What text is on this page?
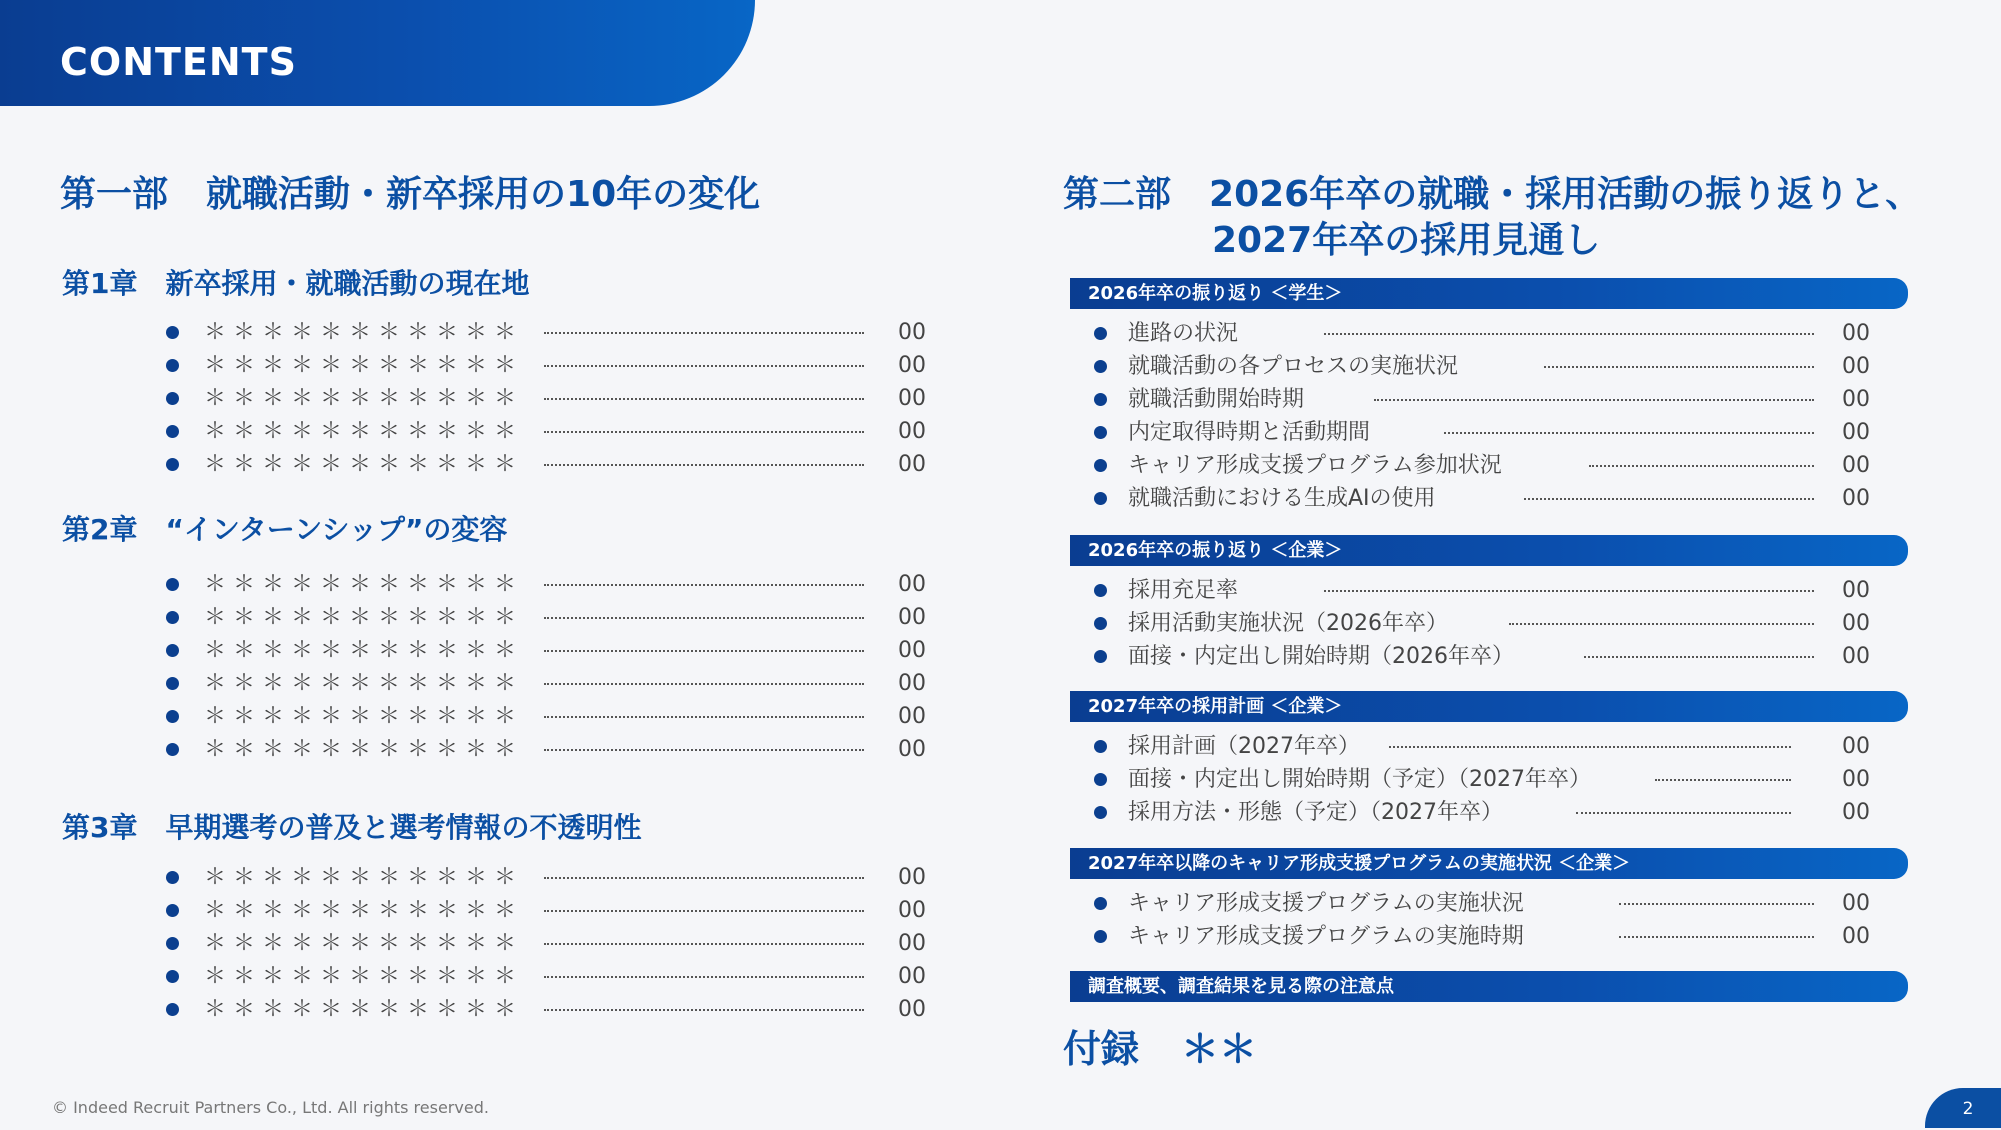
CONTENTS
第一部 就職活動・新卒採用の10年の変化
第1章 新卒採用・就職活動の現在地
＊＊＊＊＊＊＊＊＊＊＊	00
＊＊＊＊＊＊＊＊＊＊＊	00
＊＊＊＊＊＊＊＊＊＊＊	00
＊＊＊＊＊＊＊＊＊＊＊	00
＊＊＊＊＊＊＊＊＊＊＊	00
第2章 “インターンシップ”の変容
＊＊＊＊＊＊＊＊＊＊＊	00
＊＊＊＊＊＊＊＊＊＊＊	00
＊＊＊＊＊＊＊＊＊＊＊	00
＊＊＊＊＊＊＊＊＊＊＊	00
＊＊＊＊＊＊＊＊＊＊＊	00
＊＊＊＊＊＊＊＊＊＊＊	00
第3章 早期選考の普及と選考情報の不透明性
＊＊＊＊＊＊＊＊＊＊＊	00
＊＊＊＊＊＊＊＊＊＊＊	00
＊＊＊＊＊＊＊＊＊＊＊	00
＊＊＊＊＊＊＊＊＊＊＊	00
＊＊＊＊＊＊＊＊＊＊＊	00
第二部 2026年卒の就職・採用活動の振り返りと、
2027年卒の採用見通し
2026年卒の振り返り ＜学生＞
進路の状況	00
就職活動の各プロセスの実施状況	00
就職活動開始時期	00
内定取得時期と活動期間	00
キャリア形成支援プログラム参加状況	00
就職活動における生成AIの使用	00
2026年卒の振り返り ＜企業＞
採用充足率	00
採用活動実施状況（2026年卒）	00
面接・内定出し開始時期（2026年卒）	00
2027年卒の採用計画 ＜企業＞
採用計画（2027年卒）	00
面接・内定出し開始時期（予定）（2027年卒）	00
採用方法・形態（予定）（2027年卒）	00
2027年卒以降のキャリア形成支援プログラムの実施状況 ＜企業＞
キャリア形成支援プログラムの実施状況	00
キャリア形成支援プログラムの実施時期	00
調査概要、調査結果を見る際の注意点
付録 ＊＊
© Indeed Recruit Partners Co., Ltd. All rights reserved.	2
